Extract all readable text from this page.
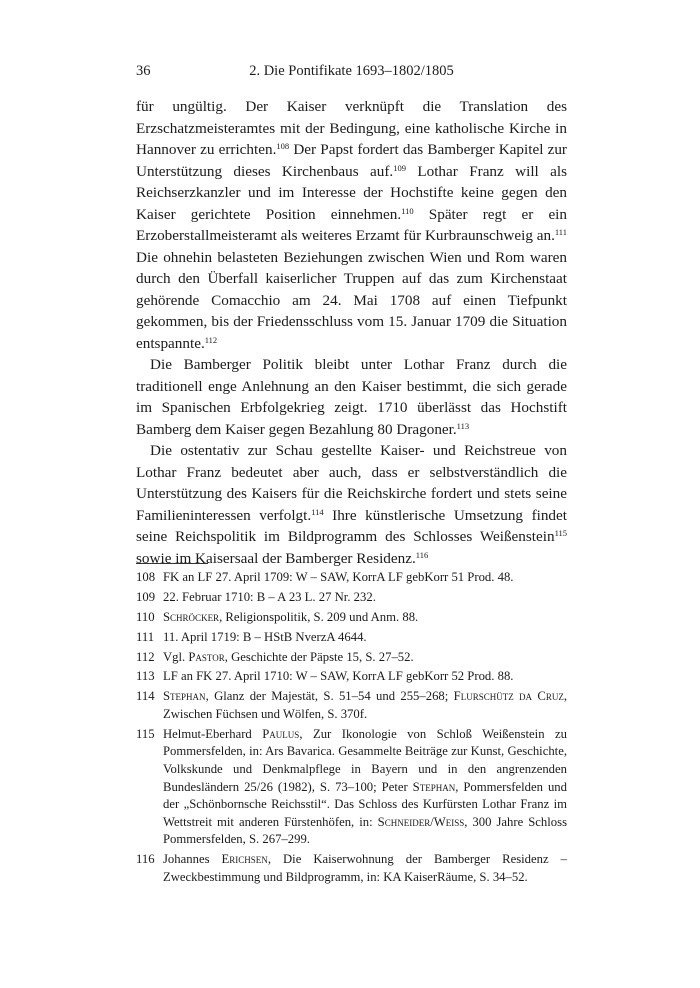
36	2. Die Pontifikate 1693–1802/1805

für ungültig. Der Kaiser verknüpft die Translation des Erzschatzmeisteramtes mit der Bedingung, eine katholische Kirche in Hannover zu errichten.$^{108}$ Der Papst fordert das Bamberger Kapitel zur Unterstützung dieses Kirchenbaus auf.$^{109}$ Lothar Franz will als Reichserzkanzler und im Interesse der Hochstifte keine gegen den Kaiser gerichtete Position einnehmen.$^{110}$ Später regt er ein Erzoberstallmeisteramt als weiteres Erzamt für Kurbraunschweig an.$^{111}$ Die ohnehin belasteten Beziehungen zwischen Wien und Rom waren durch den Überfall kaiserlicher Truppen auf das zum Kirchenstaat gehörende Comacchio am 24. Mai 1708 auf einen Tiefpunkt gekommen, bis der Friedensschluss vom 15. Januar 1709 die Situation entspannte.$^{112}$

Die Bamberger Politik bleibt unter Lothar Franz durch die traditionell enge Anlehnung an den Kaiser bestimmt, die sich gerade im Spanischen Erbfolgekrieg zeigt. 1710 überlässt das Hochstift Bamberg dem Kaiser gegen Bezahlung 80 Dragoner.$^{113}$

Die ostentativ zur Schau gestellte Kaiser- und Reichstreue von Lothar Franz bedeutet aber auch, dass er selbstverständlich die Unterstützung des Kaisers für die Reichskirche fordert und stets seine Familieninteressen verfolgt.$^{114}$ Ihre künstlerische Umsetzung findet seine Reichspolitik im Bildprogramm des Schlosses Weißenstein$^{115}$ sowie im Kaisersaal der Bamberger Residenz.$^{116}$

108 FK an LF 27. April 1709: W – SAW, KorrA LF gebKorr 51 Prod. 48.
109 22. Februar 1710: B – A 23 L. 27 Nr. 232.
110 Schröcker, Religionspolitik, S. 209 und Anm. 88.
111 11. April 1719: B – HStB NverzA 4644.
112 Vgl. Pastor, Geschichte der Päpste 15, S. 27–52.
113 LF an FK 27. April 1710: W – SAW, KorrA LF gebKorr 52 Prod. 88.
114 Stephan, Glanz der Majestät, S. 51–54 und 255–268; Flurschütz da Cruz, Zwischen Füchsen und Wölfen, S. 370f.
115 Helmut-Eberhard Paulus, Zur Ikonologie von Schloß Weißenstein zu Pommersfelden, in: Ars Bavarica. Gesammelte Beiträge zur Kunst, Geschichte, Volkskunde und Denkmalpflege in Bayern und in den angrenzenden Bundesländern 25/26 (1982), S. 73–100; Peter Stephan, Pommersfelden und der „Schönbornsche Reichsstil“. Das Schloss des Kurfürsten Lothar Franz im Wettstreit mit anderen Fürstenhöfen, in: Schneider/Weiss, 300 Jahre Schloss Pommersfelden, S. 267–299.
116 Johannes Erichsen, Die Kaiserwohnung der Bamberger Residenz – Zweckbestimmung und Bildprogramm, in: KA KaiserRäume, S. 34–52.
